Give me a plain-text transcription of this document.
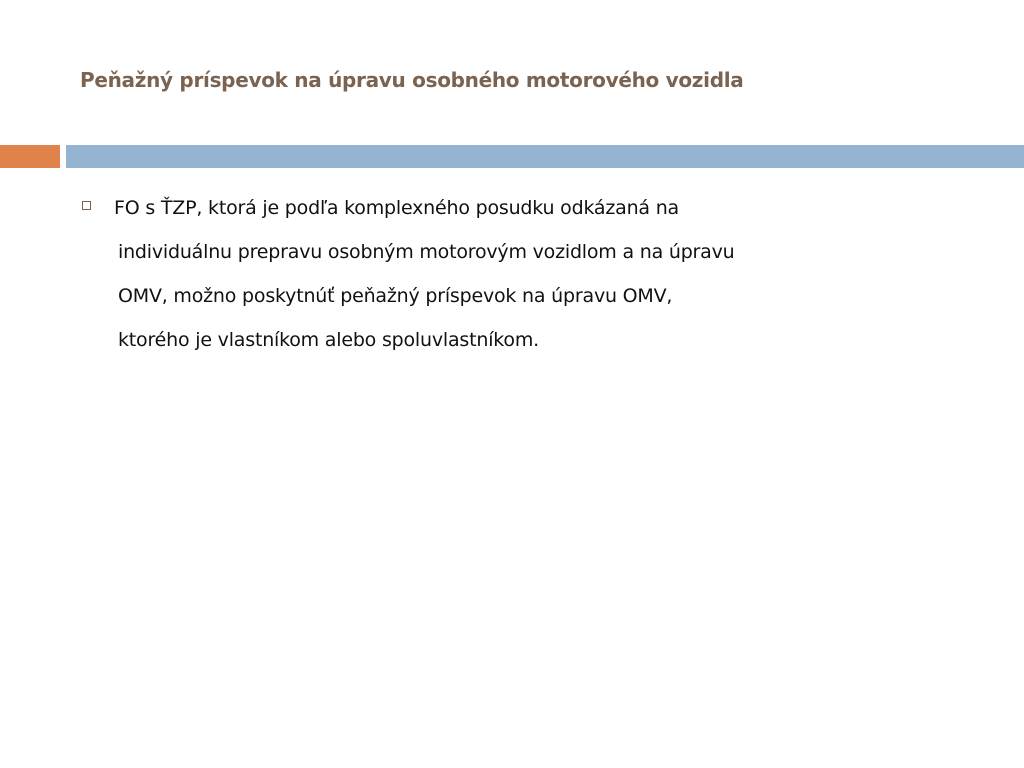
Peňažný príspevok na úpravu osobného motorového vozidla
FO s ŤZP, ktorá je podľa komplexného posudku odkázaná na
individuálnu prepravu osobným motorovým vozidlom a na úpravu
OMV, možno poskytnúť peňažný príspevok na úpravu OMV,
ktorého je vlastníkom alebo spoluvlastníkom.
